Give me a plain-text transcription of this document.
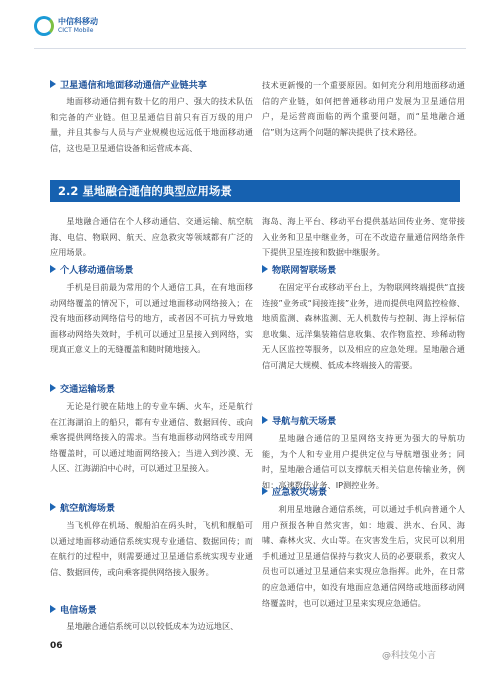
中信科移动
CICT Mobile
卫星通信和地面移动通信产业链共享
地面移动通信拥有数十亿的用户、强大的技术队伍和完备的产业链。但卫星通信目前只有百万级的用户量，并且其参与人员与产业规模也远远低于地面移动通信，这也是卫星通信设备和运营成本高、
技术更新慢的一个重要原因。如何充分利用地面移动通信的产业链，如何把普通移动用户发展为卫星通信用户，是运营商面临的两个重要问题，而“星地融合通信”则为这两个问题的解决提供了技术路径。
2.2 星地融合通信的典型应用场景
星地融合通信在个人移动通信、交通运输、航空航海、电信、物联网、航天、应急救灾等领域都有广泛的应用场景。
个人移动通信场景
手机是目前最为常用的个人通信工具，在有地面移动网络覆盖的情况下，可以通过地面移动网络接入；在没有地面移动网络信号的地方，或者因不可抗力导致地面移动网络失效时，手机可以通过卫星接入到网络，实现真正意义上的无缝覆盖和随时随地接入。
交通运输场景
无论是行驶在陆地上的专业车辆、火车，还是航行在江海湖泊上的船只，都有专业通信、数据回传、或向乘客提供网络接入的需求。当有地面移动网络或专用网络覆盖时，可以通过地面网络接入；当进入到沙漠、无人区、江海湖泊中心时，可以通过卫星接入。
航空航海场景
当飞机停在机场、舰船泊在码头时，飞机和舰船可以通过地面移动通信系统实现专业通信、数据回传；而在航行的过程中，则需要通过卫星通信系统实现专业通信、数据回传，或向乘客提供网络接入服务。
电信场景
星地融合通信系统可以以较低成本为边远地区、
海岛、海上平台、移动平台提供基站回传业务、宽带接入业务和卫星中继业务，可在不改造存量通信网络条件下提供卫星连接和数据中继服务。
物联网智联场景
在固定平台或移动平台上，为物联网终端提供“直接连接”业务或“间接连接”业务，进而提供电网监控检修、地质监测、森林监测、无人机数传与控制、海上浮标信息收集、远洋集装箱信息收集、农作物监控、珍稀动物无人区监控等服务，以及相应的应急处理。星地融合通信可满足大规模、低成本终端接入的需要。
导航与航天场景
星地融合通信的卫星网络支持更为强大的导航功能，为个人和专业用户提供定位与导航增强业务；同时，星地融合通信可以支撑航天相关信息传输业务，例如：高速数传业务、IP测控业务。
应急救灾场景
利用星地融合通信系统，可以通过手机向普通个人用户预报各种自然灾害，如：地震、洪水、台风、海啸、森林火灾、火山等。在灾害发生后，灾民可以利用手机通过卫星通信保持与救灾人员的必要联系，救灾人员也可以通过卫星通信来实现应急指挥。此外，在日常的应急通信中，如没有地面应急通信网络或地面移动网络覆盖时，也可以通过卫星来实现应急通信。
06
@科技兔小言
